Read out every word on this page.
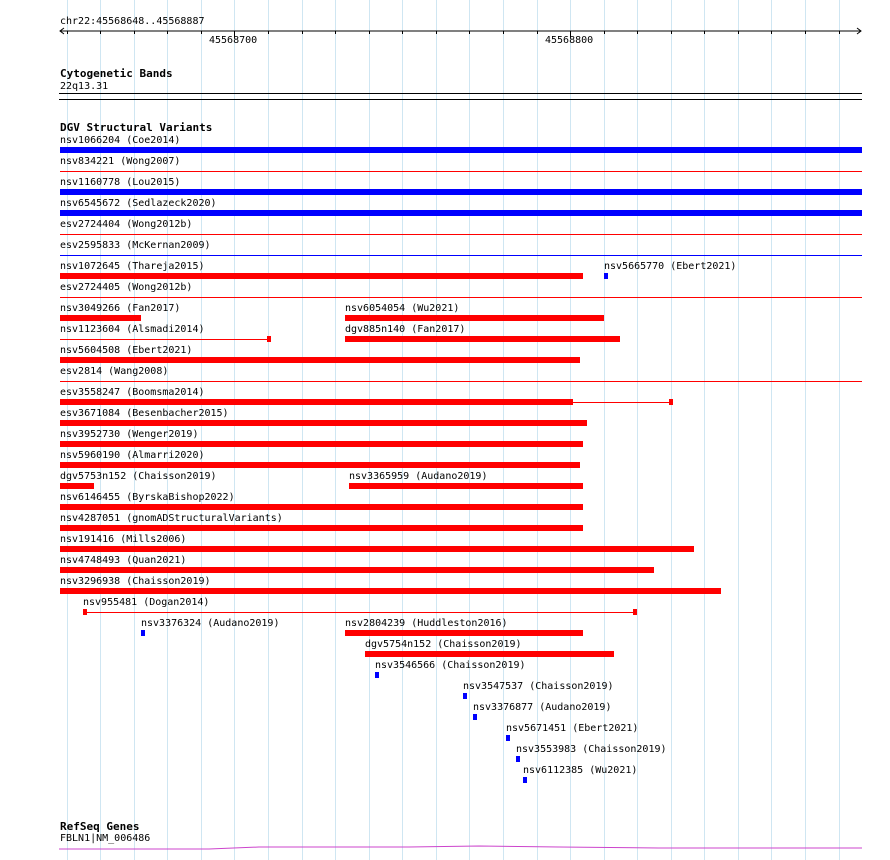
chr22:45568648..45568887
45568700	45568800
Cytogenetic Bands
22q13.31
DGV Structural Variants
nsv1066204 (Coe2014)
nsv834221 (Wong2007)
nsv1160778 (Lou2015)
nsv6545672 (Sedlazeck2020)
esv2724404 (Wong2012b)
esv2595833 (McKernan2009)
nsv1072645 (Thareja2015)	nsv5665770 (Ebert2021)
esv2724405 (Wong2012b)
nsv3049266 (Fan2017)	nsv6054054 (Wu2021)
nsv1123604 (Alsmadi2014)	dgv885n140 (Fan2017)
nsv5604508 (Ebert2021)
esv2814 (Wang2008)
esv3558247 (Boomsma2014)
esv3671084 (Besenbacher2015)
nsv3952730 (Wenger2019)
nsv5960190 (Almarri2020)
dgv5753n152 (Chaisson2019)	nsv3365959 (Audano2019)
nsv6146455 (ByrskaBishop2022)
nsv4287051 (gnomADStructuralVariants)
nsv191416 (Mills2006)
nsv4748493 (Quan2021)
nsv3296938 (Chaisson2019)
nsv955481 (Dogan2014)
nsv3376324 (Audano2019)	nsv2804239 (Huddleston2016)
dgv5754n152 (Chaisson2019)
nsv3546566 (Chaisson2019)
nsv3547537 (Chaisson2019)
nsv3376877 (Audano2019)
nsv5671451 (Ebert2021)
nsv3553983 (Chaisson2019)
nsv6112385 (Wu2021)
RefSeq Genes
FBLN1|NM_006486
